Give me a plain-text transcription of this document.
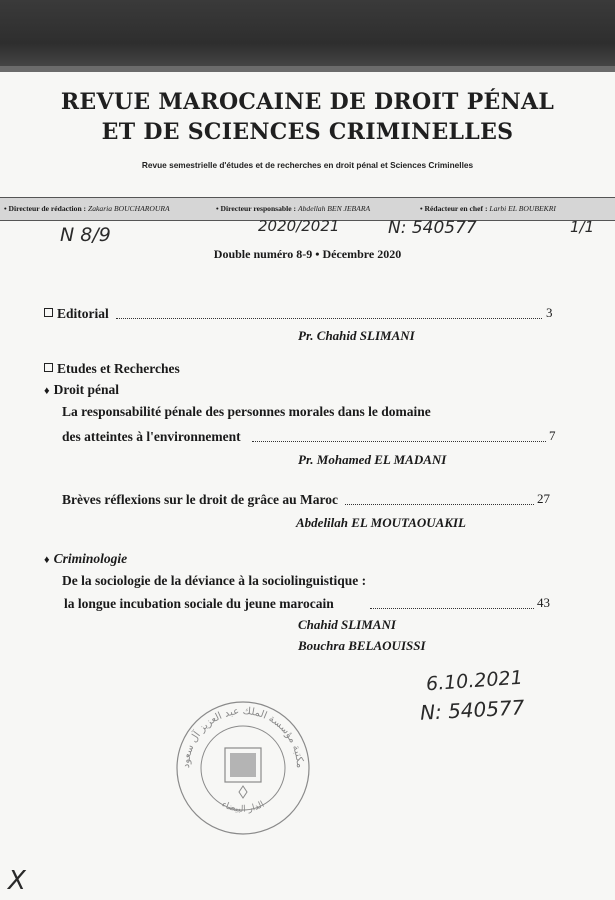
REVUE MAROCAINE DE DROIT PÉNAL
ET DE SCIENCES CRIMINELLES
Revue semestrielle d'études et de recherches en droit pénal et Sciences Criminelles
• Directeur de rédaction : Zakaria BOUCHAROURA	• Directeur responsable : Abdellah BEN JEBARA	• Rédacteur en chef : Larbi EL BOUBEKRI
N 8/9	2020/2021	N: 540577	1/1
Double numéro 8-9 • Décembre 2020
Editorial	3
Pr. Chahid SLIMANI
Etudes et Recherches
♦ Droit pénal
La responsabilité pénale des personnes morales dans le domaine
des atteintes à l'environnement	7
Pr. Mohamed EL MADANI
Brèves réflexions sur le droit de grâce au Maroc	27
Abdelilah EL MOUTAOUAKIL
♦ Criminologie
De la sociologie de la déviance à la sociolinguistique :
la longue incubation sociale du jeune marocain	43
Chahid SLIMANI
Bouchra BELAOUISSI
6.10.2021
N: 540577
مكتبة مؤسسة الملك عبد العزيز آل سعود
الدار البيضاء
X
